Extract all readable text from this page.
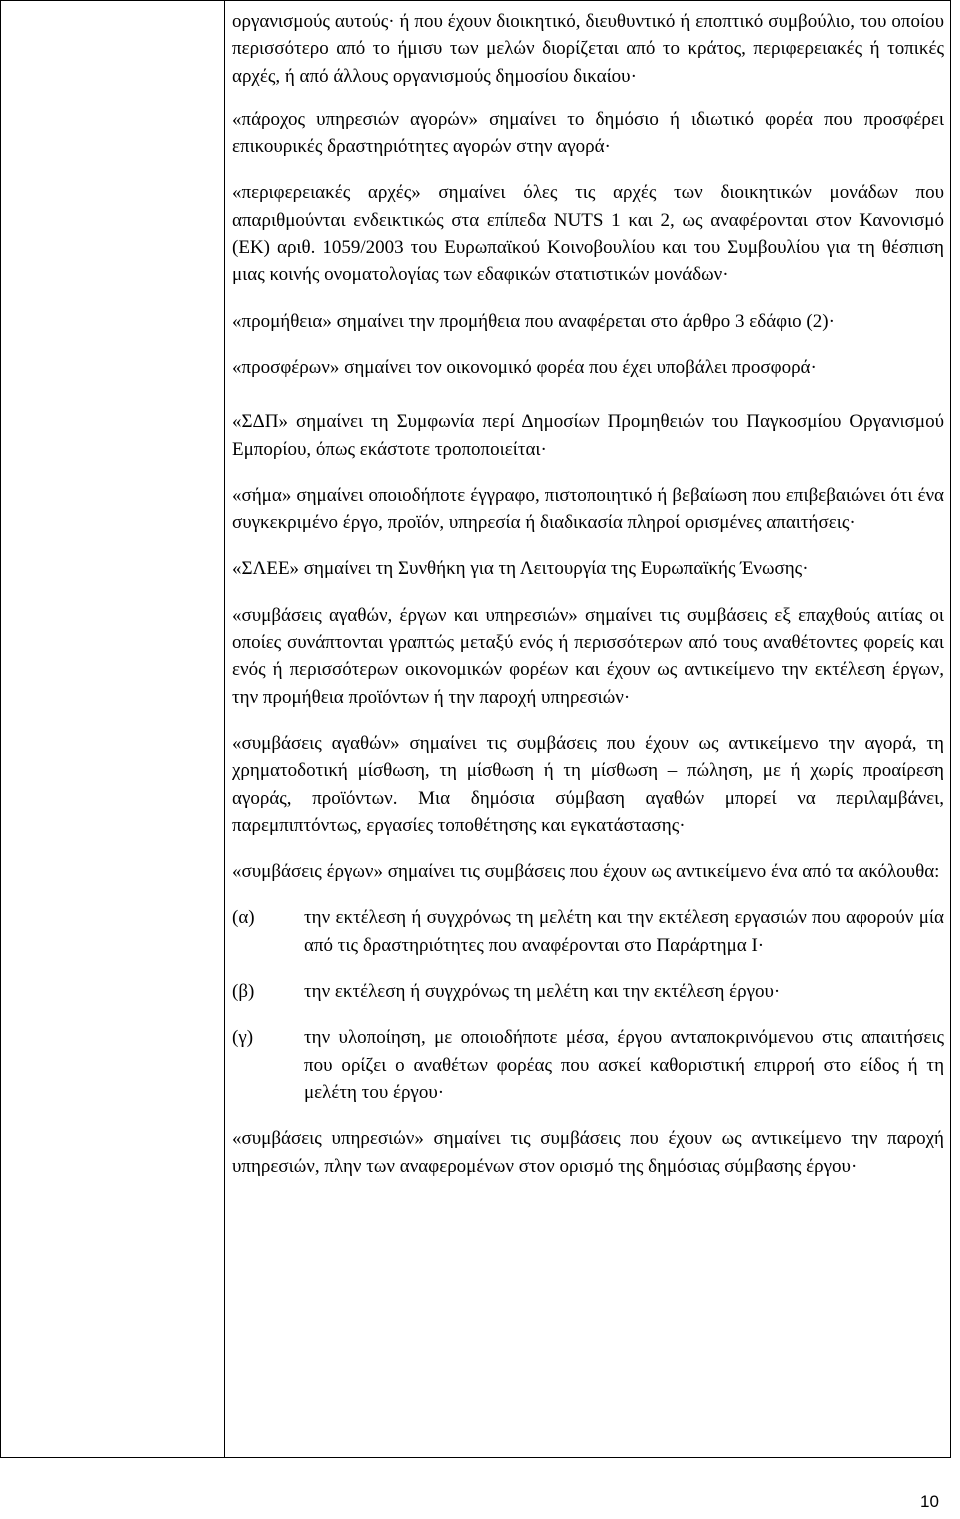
οργανισμούς αυτούς· ή που έχουν διοικητικό, διευθυντικό ή εποπτικό συμβούλιο, του οποίου περισσότερο από το ήμισυ των μελών διορίζεται από το κράτος, περιφερειακές ή τοπικές αρχές, ή από άλλους οργανισμούς δημοσίου δικαίου·

«πάροχος υπηρεσιών αγορών» σημαίνει το δημόσιο ή ιδιωτικό φορέα που προσφέρει επικουρικές δραστηριότητες αγορών στην αγορά·

«περιφερειακές αρχές» σημαίνει όλες τις αρχές των διοικητικών μονάδων που απαριθμούνται ενδεικτικώς στα επίπεδα NUTS 1 και 2, ως αναφέρονται στον Κανονισμό (ΕΚ) αριθ. 1059/2003 του Ευρωπαϊκού Κοινοβουλίου και του Συμβουλίου για τη θέσπιση μιας κοινής ονοματολογίας των εδαφικών στατιστικών μονάδων·

«προμήθεια» σημαίνει την προμήθεια που αναφέρεται στο άρθρο 3 εδάφιο (2)·

«προσφέρων» σημαίνει τον οικονομικό φορέα που έχει υποβάλει προσφορά·

«ΣΔΠ» σημαίνει τη Συμφωνία περί Δημοσίων Προμηθειών του Παγκοσμίου Οργανισμού Εμπορίου, όπως εκάστοτε τροποποιείται·

«σήμα» σημαίνει οποιοδήποτε έγγραφο, πιστοποιητικό ή βεβαίωση που επιβεβαιώνει ότι ένα συγκεκριμένο έργο, προϊόν, υπηρεσία ή διαδικασία πληροί ορισμένες απαιτήσεις·

«ΣΛΕΕ» σημαίνει τη Συνθήκη για τη Λειτουργία της Ευρωπαϊκής Ένωσης·

«συμβάσεις αγαθών, έργων και υπηρεσιών» σημαίνει τις συμβάσεις εξ επαχθούς αιτίας οι οποίες συνάπτονται γραπτώς μεταξύ ενός ή περισσότερων από τους αναθέτοντες φορείς και ενός ή περισσότερων οικονομικών φορέων και έχουν ως αντικείμενο την εκτέλεση έργων, την προμήθεια προϊόντων ή την παροχή υπηρεσιών·

«συμβάσεις αγαθών» σημαίνει τις συμβάσεις που έχουν ως αντικείμενο την αγορά, τη χρηματοδοτική μίσθωση, τη μίσθωση ή τη μίσθωση – πώληση, με ή χωρίς προαίρεση αγοράς, προϊόντων. Μια δημόσια σύμβαση αγαθών μπορεί να περιλαμβάνει, παρεμπιπτόντως, εργασίες τοποθέτησης και εγκατάστασης·

«συμβάσεις έργων» σημαίνει τις συμβάσεις που έχουν ως αντικείμενο ένα από τα ακόλουθα:

(α)	την εκτέλεση ή συγχρόνως τη μελέτη και την εκτέλεση εργασιών που αφορούν μία από τις δραστηριότητες που αναφέρονται στο Παράρτημα Ι·
(β)	την εκτέλεση ή συγχρόνως τη μελέτη και την εκτέλεση έργου·
(γ)	την υλοποίηση, με οποιοδήποτε μέσα, έργου ανταποκρινόμενου στις απαιτήσεις που ορίζει ο αναθέτων φορέας που ασκεί καθοριστική επιρροή στο είδος ή τη μελέτη του έργου·

«συμβάσεις υπηρεσιών» σημαίνει τις συμβάσεις που έχουν ως αντικείμενο την παροχή υπηρεσιών, πλην των αναφερομένων στον ορισμό της δημόσιας σύμβασης έργου·

10
